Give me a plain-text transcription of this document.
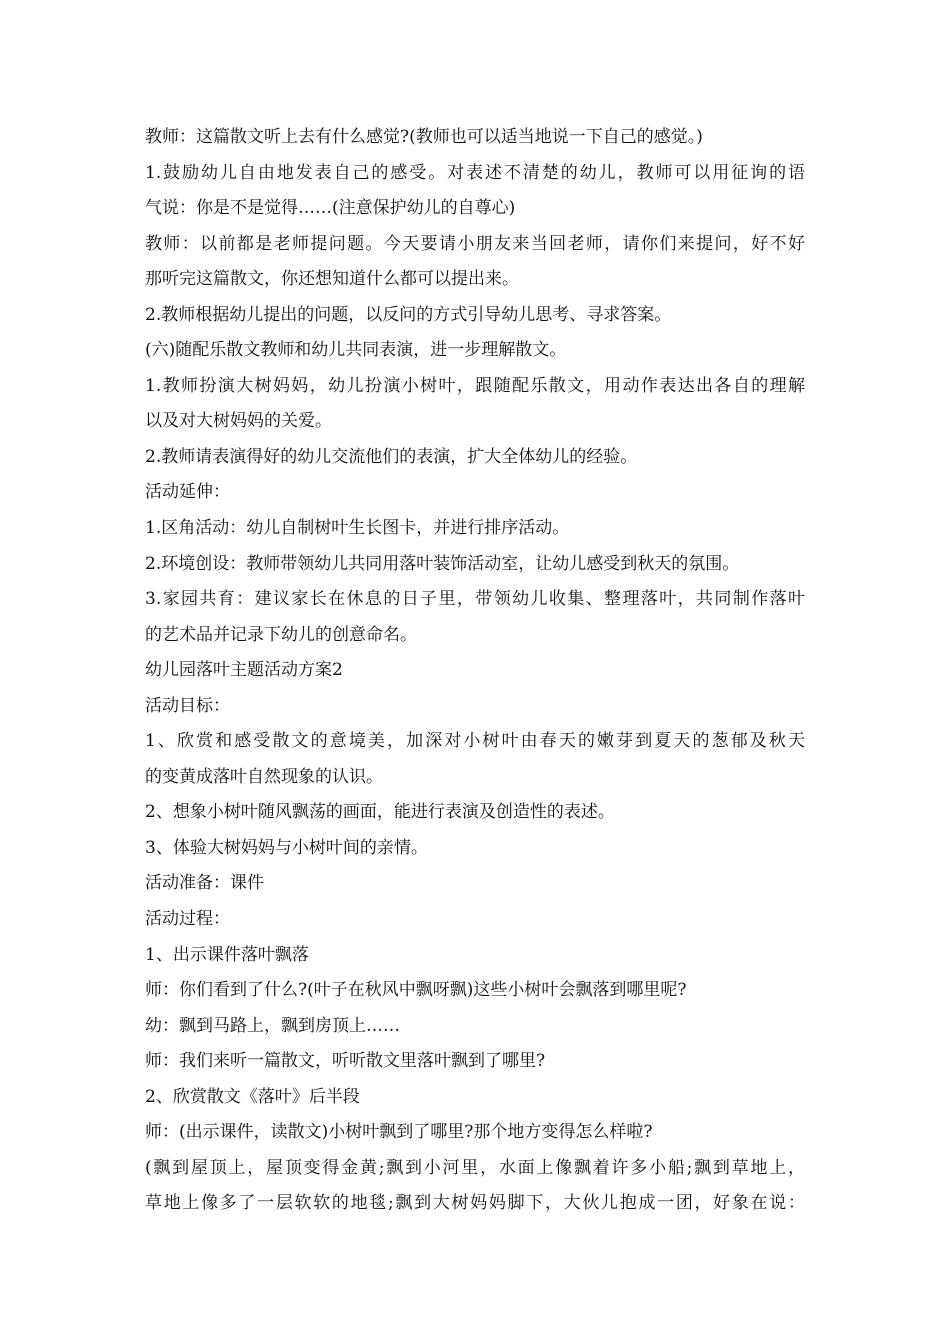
教师：这篇散文听上去有什么感觉?(教师也可以适当地说一下自己的感觉。)
1.鼓励幼儿自由地发表自己的感受。对表述不清楚的幼儿，教师可以用征询的语
气说：你是不是觉得……(注意保护幼儿的自尊心)
教师：以前都是老师提问题。今天要请小朋友来当回老师，请你们来提问，好不好
那听完这篇散文，你还想知道什么都可以提出来。
2.教师根据幼儿提出的问题，以反问的方式引导幼儿思考、寻求答案。
(六)随配乐散文教师和幼儿共同表演，进一步理解散文。
1.教师扮演大树妈妈，幼儿扮演小树叶，跟随配乐散文，用动作表达出各自的理解
以及对大树妈妈的关爱。
2.教师请表演得好的幼儿交流他们的表演，扩大全体幼儿的经验。
活动延伸：
1.区角活动：幼儿自制树叶生长图卡，并进行排序活动。
2.环境创设：教师带领幼儿共同用落叶装饰活动室，让幼儿感受到秋天的氛围。
3.家园共育：建议家长在休息的日子里，带领幼儿收集、整理落叶，共同制作落叶
的艺术品并记录下幼儿的创意命名。
幼儿园落叶主题活动方案2
活动目标：
1、欣赏和感受散文的意境美，加深对小树叶由春天的嫩芽到夏天的葱郁及秋天
的变黄成落叶自然现象的认识。
2、想象小树叶随风飘荡的画面，能进行表演及创造性的表述。
3、体验大树妈妈与小树叶间的亲情。
活动准备：课件
活动过程：
1、出示课件落叶飘落
师：你们看到了什么?(叶子在秋风中飘呀飘)这些小树叶会飘落到哪里呢?
幼：飘到马路上，飘到房顶上……
师：我们来听一篇散文，听听散文里落叶飘到了哪里?
2、欣赏散文《落叶》后半段
师：(出示课件，读散文)小树叶飘到了哪里?那个地方变得怎么样啦?
(飘到屋顶上，屋顶变得金黄;飘到小河里，水面上像飘着许多小船;飘到草地上，
草地上像多了一层软软的地毯;飘到大树妈妈脚下，大伙儿抱成一团，好象在说：
